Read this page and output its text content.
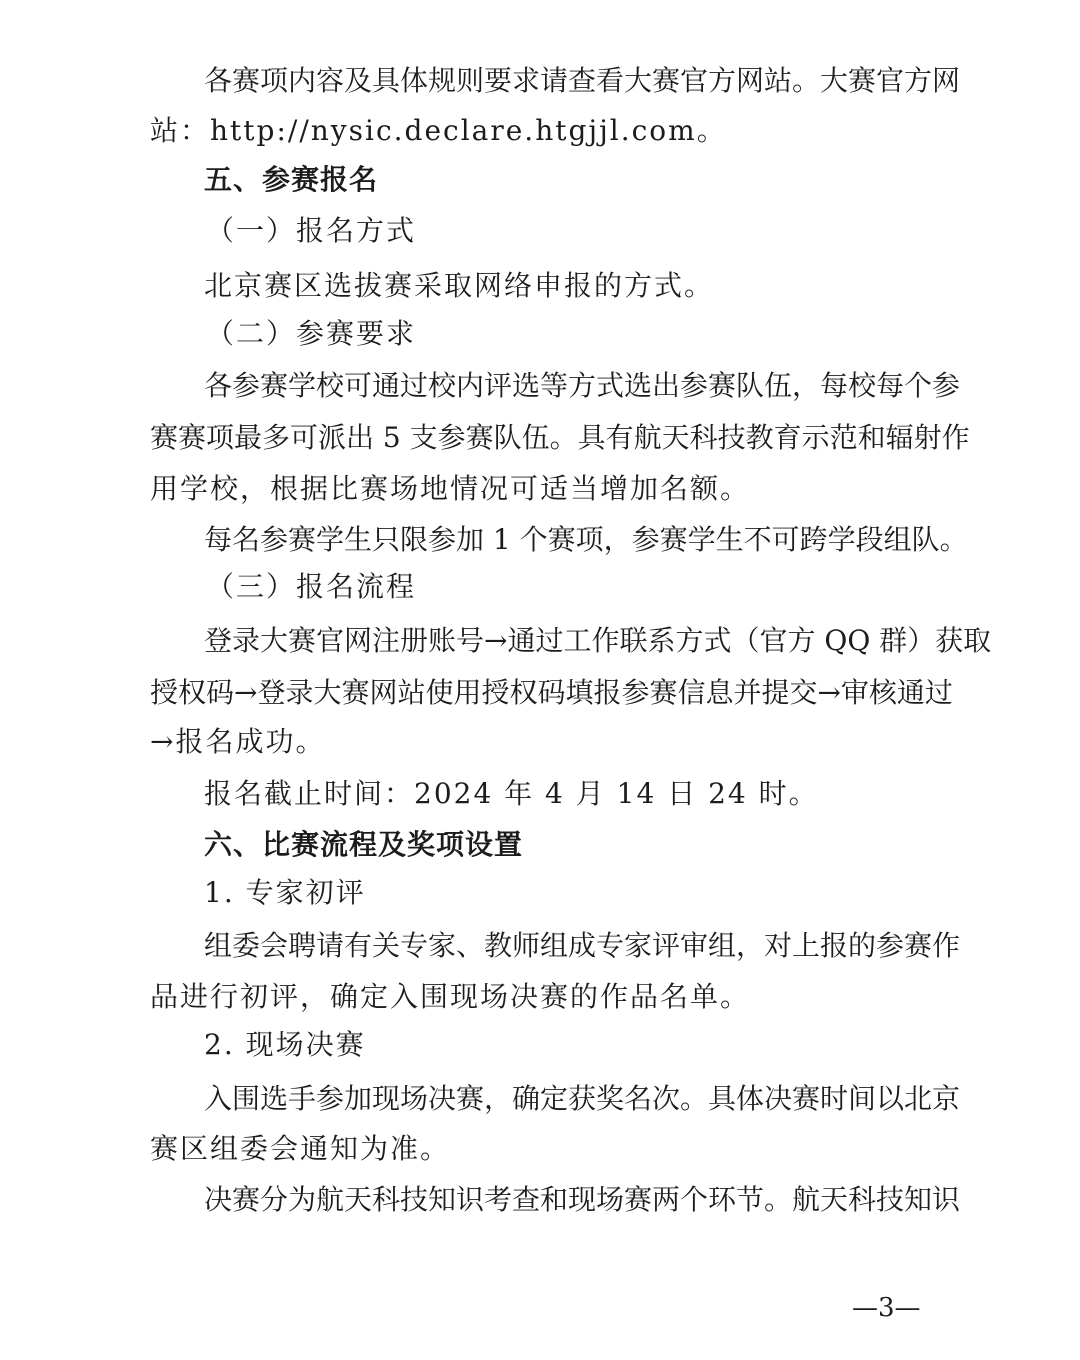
各赛项内容及具体规则要求请查看大赛官方网站。大赛官方网
站：http://nysic.declare.htgjjl.com。
五、参赛报名
（一）报名方式
北京赛区选拔赛采取网络申报的方式。
（二）参赛要求
各参赛学校可通过校内评选等方式选出参赛队伍，每校每个参
赛赛项最多可派出 5 支参赛队伍。具有航天科技教育示范和辐射作
用学校，根据比赛场地情况可适当增加名额。
每名参赛学生只限参加 1 个赛项，参赛学生不可跨学段组队。
（三）报名流程
登录大赛官网注册账号→通过工作联系方式（官方 QQ 群）获取
授权码→登录大赛网站使用授权码填报参赛信息并提交→审核通过
→报名成功。
报名截止时间：2024 年 4 月 14 日 24 时。
六、比赛流程及奖项设置
1. 专家初评
组委会聘请有关专家、教师组成专家评审组，对上报的参赛作
品进行初评，确定入围现场决赛的作品名单。
2. 现场决赛
入围选手参加现场决赛，确定获奖名次。具体决赛时间以北京
赛区组委会通知为准。
决赛分为航天科技知识考查和现场赛两个环节。航天科技知识
—3—
